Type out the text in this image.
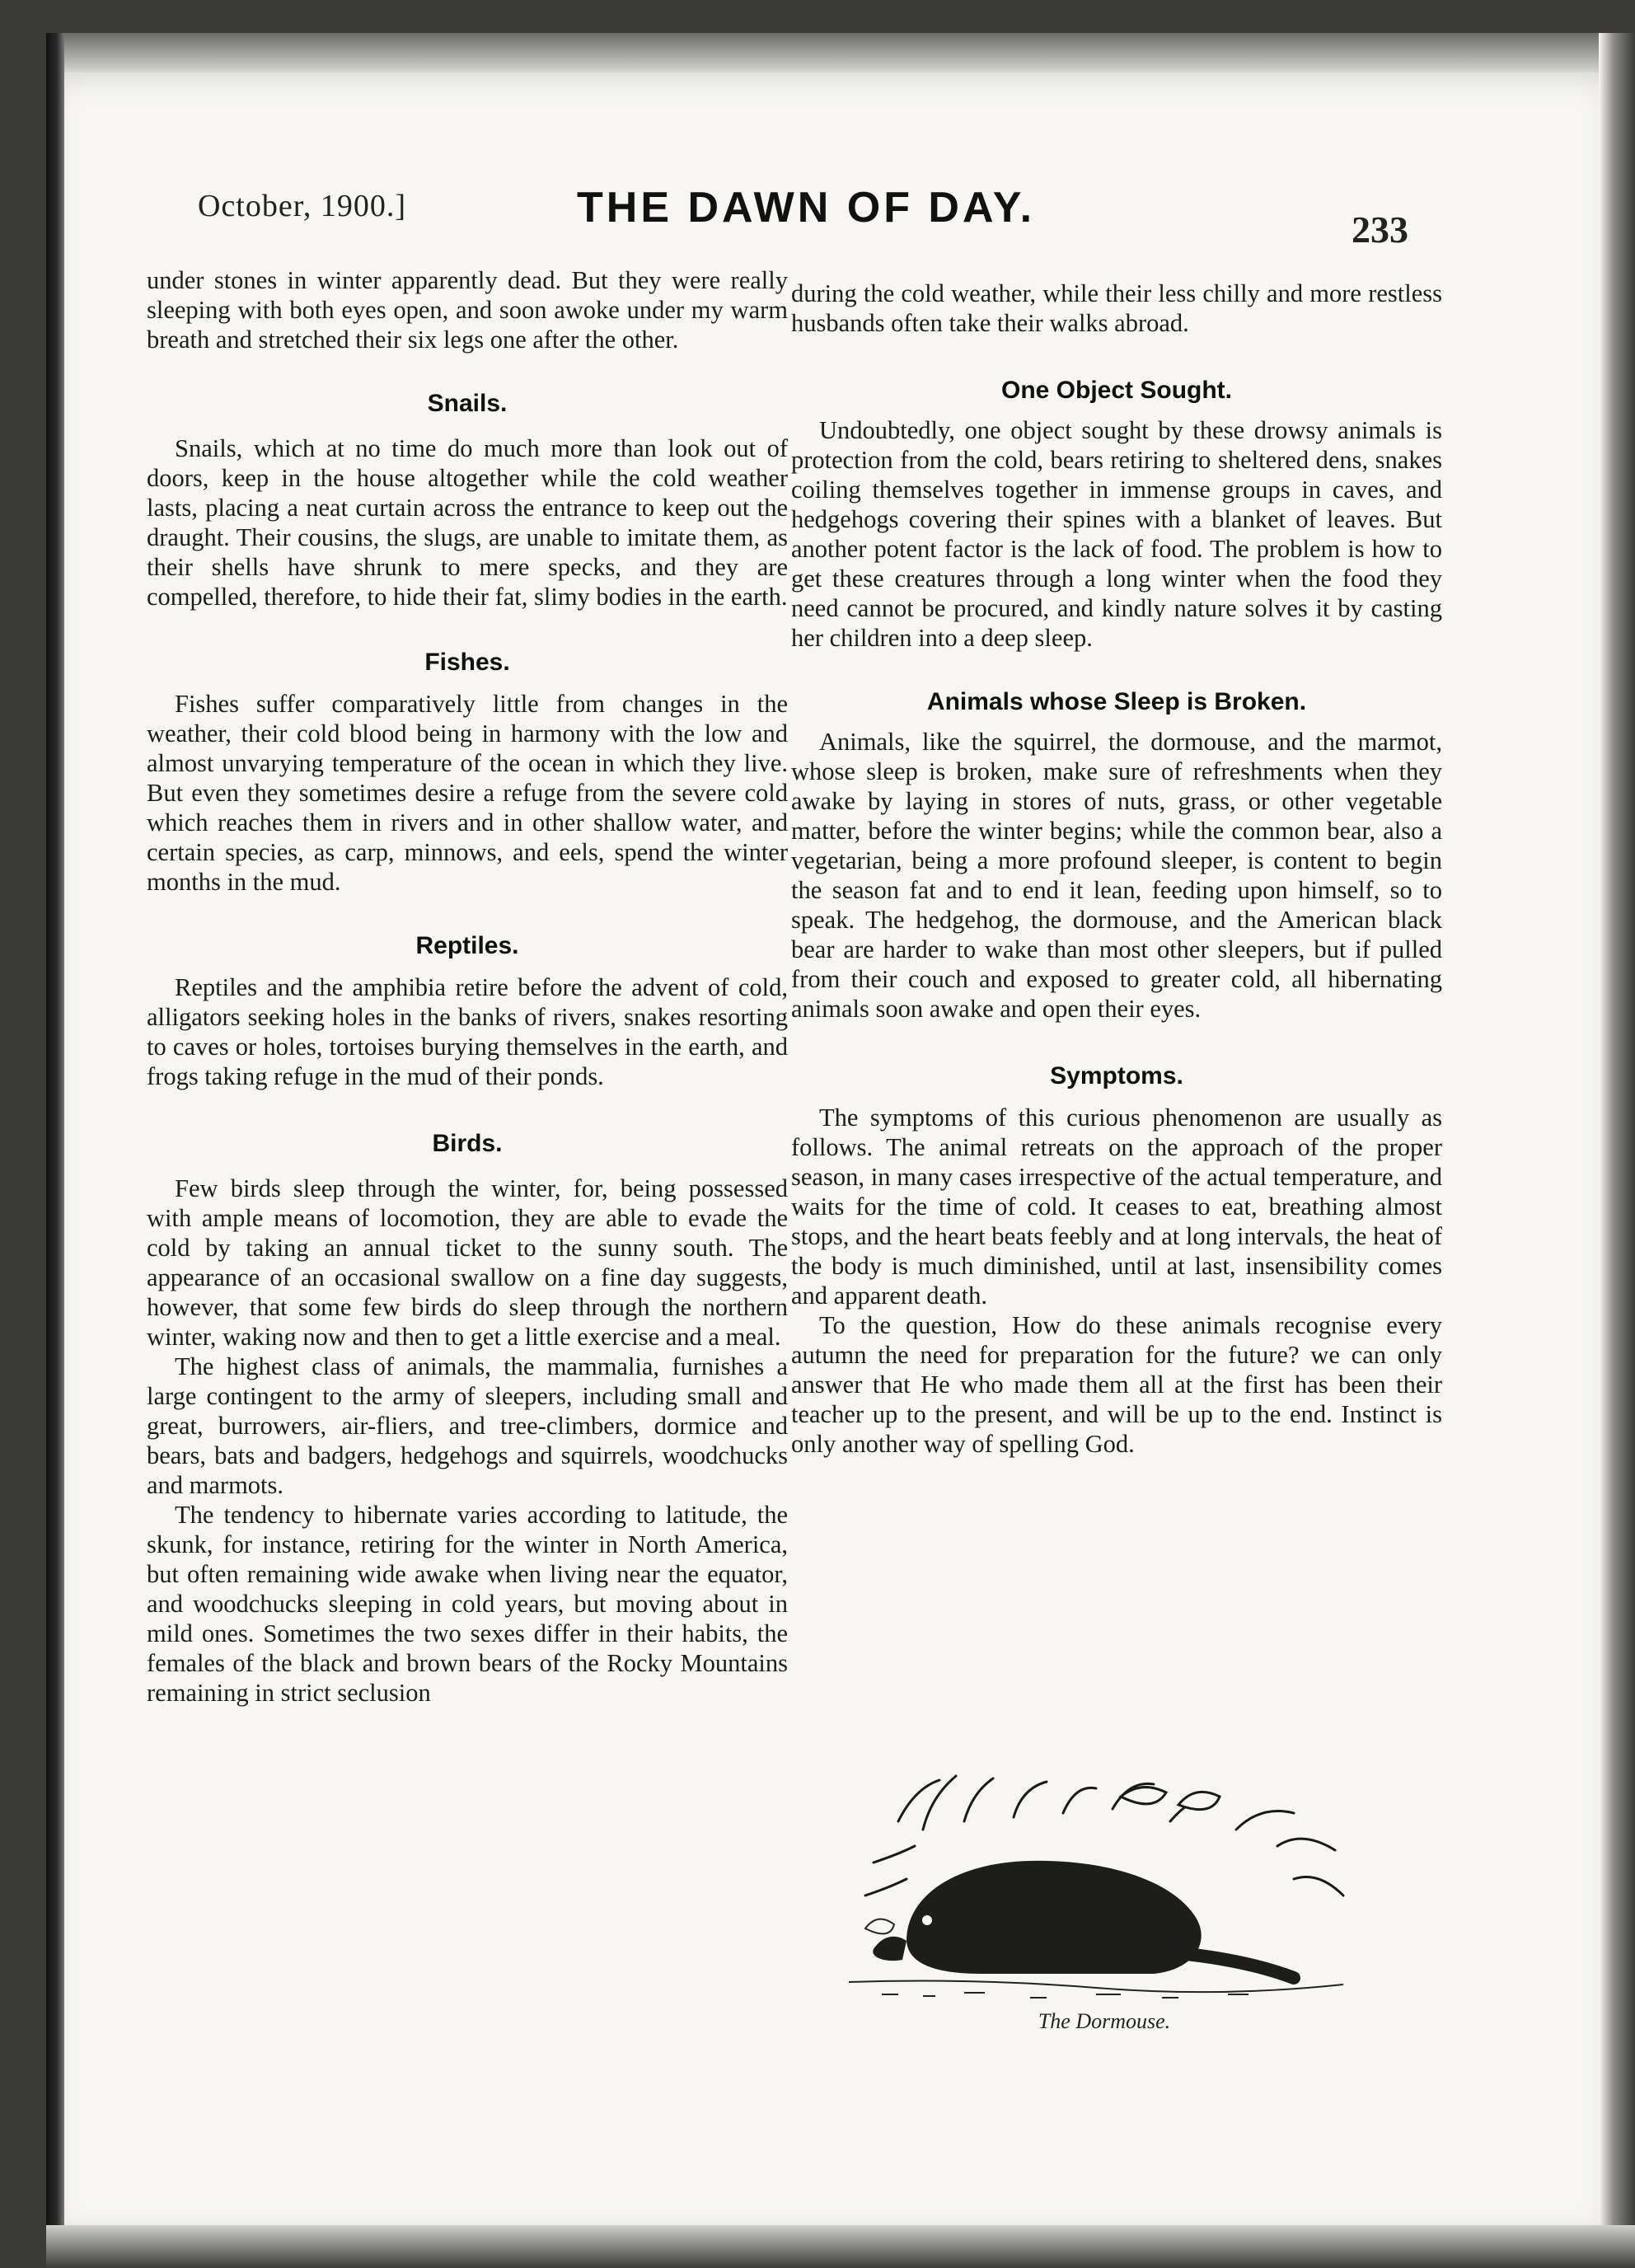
October, 1900.]	THE DAWN OF DAY.	233

under stones in winter apparently dead. But they were really sleeping with both eyes open, and soon awoke under my warm breath and stretched their six legs one after the other.

Snails.

Snails, which at no time do much more than look out of doors, keep in the house altogether while the cold weather lasts, placing a neat curtain across the entrance to keep out the draught. Their cousins, the slugs, are unable to imitate them, as their shells have shrunk to mere specks, and they are compelled, therefore, to hide their fat, slimy bodies in the earth.

Fishes.

Fishes suffer comparatively little from changes in the weather, their cold blood being in harmony with the low and almost unvarying temperature of the ocean in which they live. But even they sometimes desire a refuge from the severe cold which reaches them in rivers and in other shallow water, and certain species, as carp, minnows, and eels, spend the winter months in the mud.

Reptiles.

Reptiles and the amphibia retire before the advent of cold, alligators seeking holes in the banks of rivers, snakes resorting to caves or holes, tortoises burying themselves in the earth, and frogs taking refuge in the mud of their ponds.

Birds.

Few birds sleep through the winter, for, being possessed with ample means of locomotion, they are able to evade the cold by taking an annual ticket to the sunny south. The appearance of an occasional swallow on a fine day suggests, however, that some few birds do sleep through the northern winter, waking now and then to get a little exercise and a meal.

The highest class of animals, the mammalia, furnishes a large contingent to the army of sleepers, including small and great, burrowers, air-fliers, and tree-climbers, dormice and bears, bats and badgers, hedgehogs and squirrels, woodchucks and marmots.

The tendency to hibernate varies according to latitude, the skunk, for instance, retiring for the winter in North America, but often remaining wide awake when living near the equator, and woodchucks sleeping in cold years, but moving about in mild ones. Sometimes the two sexes differ in their habits, the females of the black and brown bears of the Rocky Mountains remaining in strict seclusion

during the cold weather, while their less chilly and more restless husbands often take their walks abroad.

One Object Sought.

Undoubtedly, one object sought by these drowsy animals is protection from the cold, bears retiring to sheltered dens, snakes coiling themselves together in immense groups in caves, and hedgehogs covering their spines with a blanket of leaves. But another potent factor is the lack of food. The problem is how to get these creatures through a long winter when the food they need cannot be procured, and kindly nature solves it by casting her children into a deep sleep.

Animals whose Sleep is Broken.

Animals, like the squirrel, the dormouse, and the marmot, whose sleep is broken, make sure of refreshments when they awake by laying in stores of nuts, grass, or other vegetable matter, before the winter begins; while the common bear, also a vegetarian, being a more profound sleeper, is content to begin the season fat and to end it lean, feeding upon himself, so to speak. The hedgehog, the dormouse, and the American black bear are harder to wake than most other sleepers, but if pulled from their couch and exposed to greater cold, all hibernating animals soon awake and open their eyes.

Symptoms.

The symptoms of this curious phenomenon are usually as follows. The animal retreats on the approach of the proper season, in many cases irrespective of the actual temperature, and waits for the time of cold. It ceases to eat, breathing almost stops, and the heart beats feebly and at long intervals, the heat of the body is much diminished, until at last, insensibility comes and apparent death.

To the question, How do these animals recognise every autumn the need for preparation for the future? we can only answer that He who made them all at the first has been their teacher up to the present, and will be up to the end. Instinct is only another way of spelling God.

The Dormouse.
